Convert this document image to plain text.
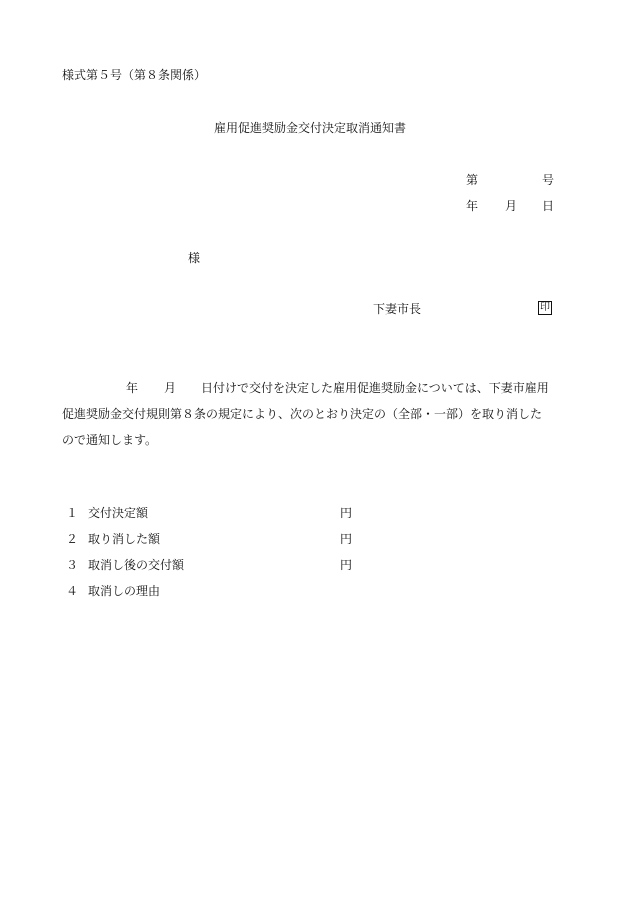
様式第５号（第８条関係）
雇用促進奨励金交付決定取消通知書
第	号
年 月 日
様
下妻市長	印
年 月 日付けで交付を決定した雇用促進奨励金については、下妻市雇用
促進奨励金交付規則第８条の規定により、次のとおり決定の（全部・一部）を取り消した
ので通知します。
１ 交付決定額	円
２ 取り消した額	円
３ 取消し後の交付額	円
４ 取消しの理由
